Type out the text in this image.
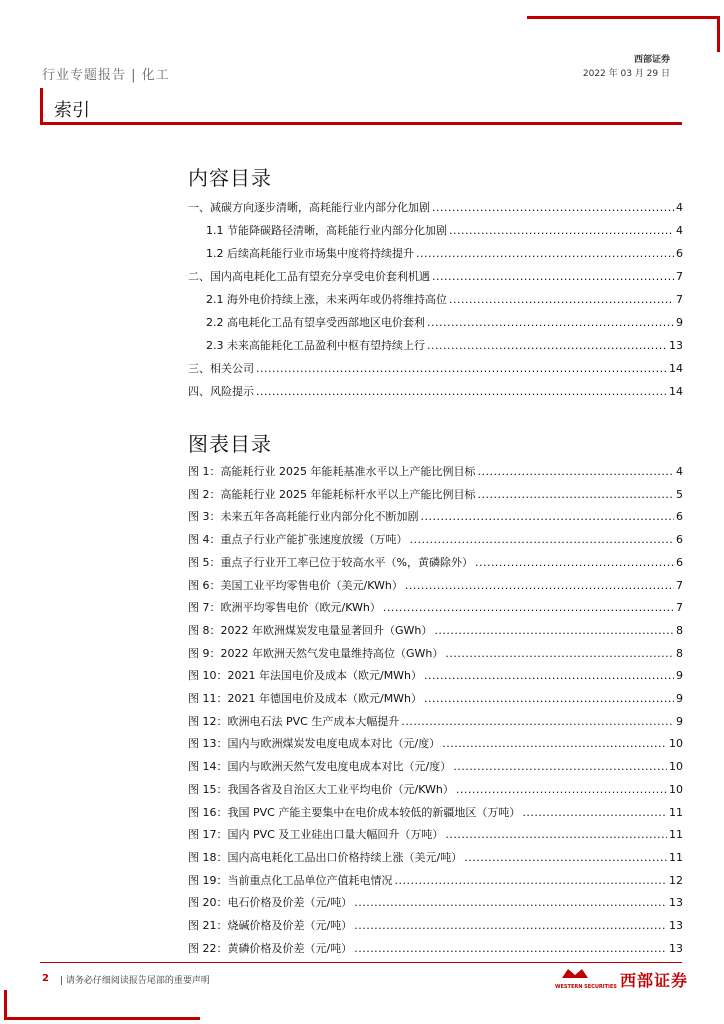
行业专题报告 | 化工
西部证券
2022 年 03 月 29 日
索引
内容目录
一、减碳方向逐步清晰，高耗能行业内部分化加剧 .....	4
1.1 节能降碳路径清晰，高耗能行业内部分化加剧 .....	4
1.2 后续高耗能行业市场集中度将持续提升 .....	6
二、国内高电耗化工品有望充分享受电价套利机遇 .....	7
2.1 海外电价持续上涨，未来两年或仍将维持高位 .....	7
2.2 高电耗化工品有望享受西部地区电价套利 .....	9
2.3 未来高能耗化工品盈利中枢有望持续上行 .....	13
三、相关公司 .....	14
四、风险提示 .....	14
图表目录
图 1：高能耗行业 2025 年能耗基准水平以上产能比例目标 .....	4
图 2：高能耗行业 2025 年能耗标杆水平以上产能比例目标 .....	5
图 3：未来五年各高耗能行业内部分化不断加剧 .....	6
图 4：重点子行业产能扩张速度放缓（万吨） .....	6
图 5：重点子行业开工率已位于较高水平（%，黄磷除外） .....	6
图 6：美国工业平均零售电价（美元/KWh） .....	7
图 7：欧洲平均零售电价（欧元/KWh） .....	7
图 8：2022 年欧洲煤炭发电量显著回升（GWh） .....	8
图 9：2022 年欧洲天然气发电量维持高位（GWh） .....	8
图 10：2021 年法国电价及成本（欧元/MWh） .....	9
图 11：2021 年德国电价及成本（欧元/MWh） .....	9
图 12：欧洲电石法 PVC 生产成本大幅提升 .....	9
图 13：国内与欧洲煤炭发电度电成本对比（元/度） .....	10
图 14：国内与欧洲天然气发电度电成本对比（元/度） .....	10
图 15：我国各省及自治区大工业平均电价（元/KWh） .....	10
图 16：我国 PVC 产能主要集中在电价成本较低的新疆地区（万吨） .....	11
图 17：国内 PVC 及工业硅出口量大幅回升（万吨） .....	11
图 18：国内高电耗化工品出口价格持续上涨（美元/吨） .....	11
图 19：当前重点化工品单位产值耗电情况 .....	12
图 20：电石价格及价差（元/吨） .....	13
图 21：烧碱价格及价差（元/吨） .....	13
图 22：黄磷价格及价差（元/吨） .....	13
2 | 请务必仔细阅读报告尾部的重要声明
WESTERN SECURITIES 西部证券
